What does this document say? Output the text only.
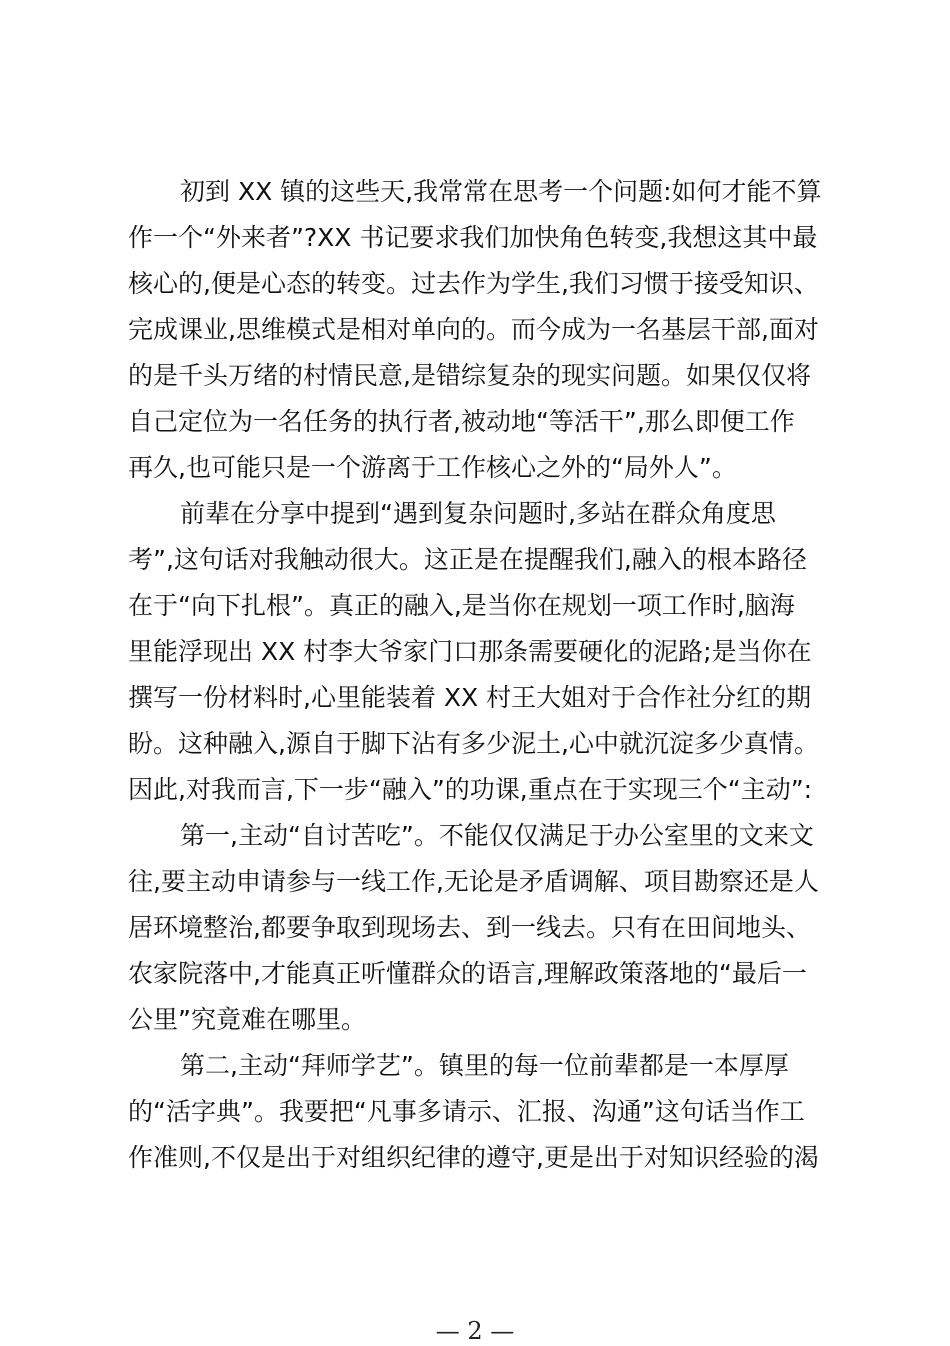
初到 XX 镇的这些天,我常常在思考一个问题:如何才能不算
作一个“外来者”?XX 书记要求我们加快角色转变,我想这其中最
核心的,便是心态的转变。过去作为学生,我们习惯于接受知识、
完成课业,思维模式是相对单向的。而今成为一名基层干部,面对
的是千头万绪的村情民意,是错综复杂的现实问题。如果仅仅将
自己定位为一名任务的执行者,被动地“等活干”,那么即便工作
再久,也可能只是一个游离于工作核心之外的“局外人”。
前辈在分享中提到“遇到复杂问题时,多站在群众角度思
考”,这句话对我触动很大。这正是在提醒我们,融入的根本路径
在于“向下扎根”。真正的融入,是当你在规划一项工作时,脑海
里能浮现出 XX 村李大爷家门口那条需要硬化的泥路;是当你在
撰写一份材料时,心里能装着 XX 村王大姐对于合作社分红的期
盼。这种融入,源自于脚下沾有多少泥土,心中就沉淀多少真情。
因此,对我而言,下一步“融入”的功课,重点在于实现三个“主动”:
第一,主动“自讨苦吃”。不能仅仅满足于办公室里的文来文
往,要主动申请参与一线工作,无论是矛盾调解、项目勘察还是人
居环境整治,都要争取到现场去、到一线去。只有在田间地头、
农家院落中,才能真正听懂群众的语言,理解政策落地的“最后一
公里”究竟难在哪里。
第二,主动“拜师学艺”。镇里的每一位前辈都是一本厚厚
的“活字典”。我要把“凡事多请示、汇报、沟通”这句话当作工
作准则,不仅是出于对组织纪律的遵守,更是出于对知识经验的渴
— 2 —
